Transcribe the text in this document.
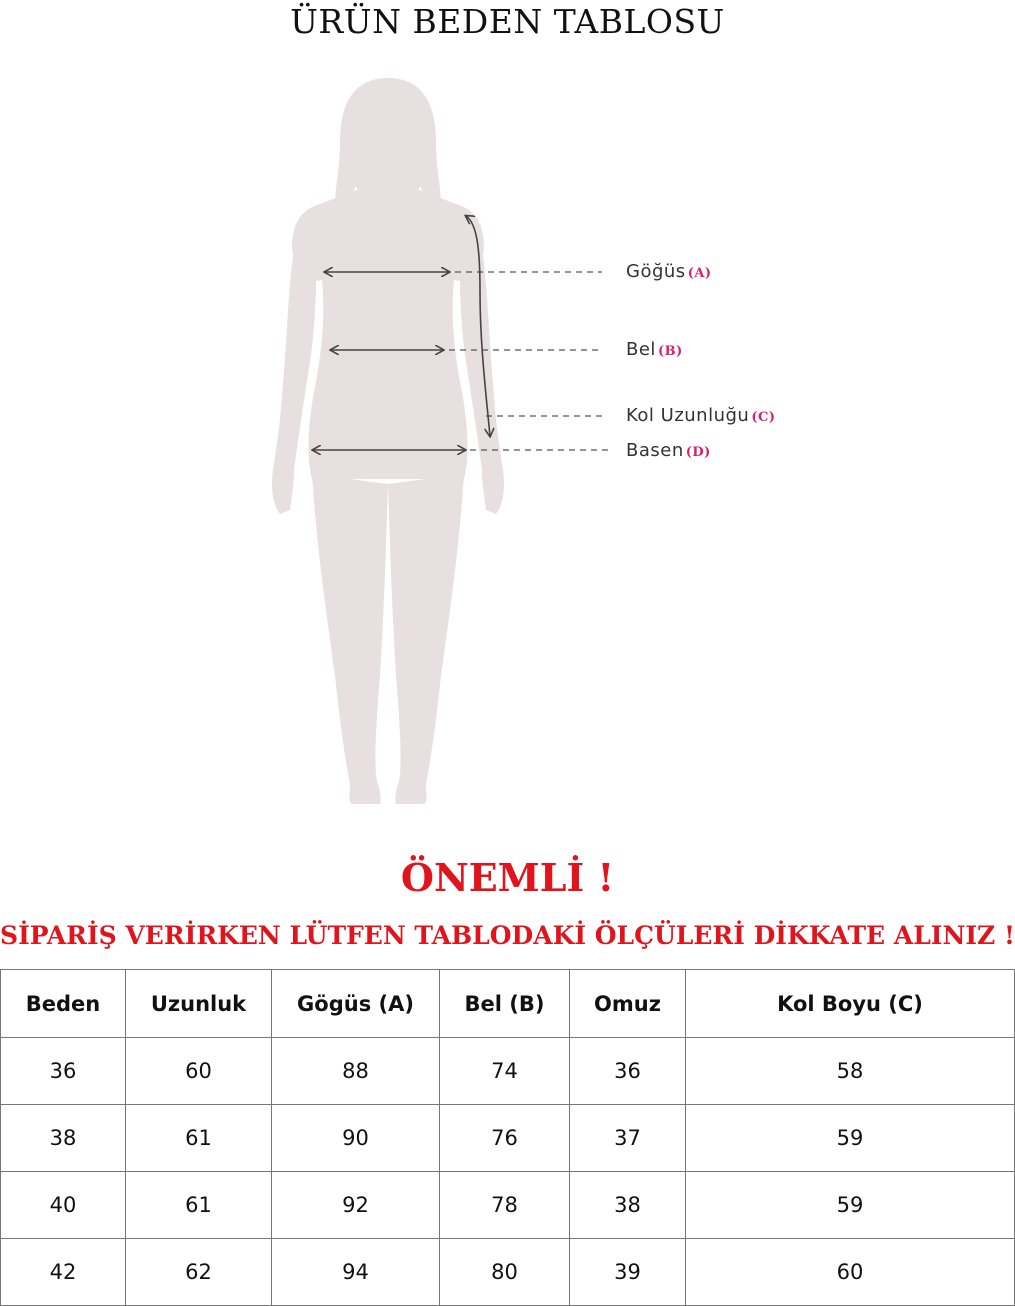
ÜRÜN BEDEN TABLOSU
Göğüs (A)
Bel (B)
Kol Uzunluğu (C)
Basen (D)
ÖNEMLİ !
SİPARİŞ VERİRKEN LÜTFEN TABLODAKİ ÖLÇÜLERİ DİKKATE ALINIZ !
Beden	Uzunluk	Gögüs (A)	Bel (B)	Omuz	Kol Boyu (C)
36	60	88	74	36	58
38	61	90	76	37	59
40	61	92	78	38	59
42	62	94	80	39	60
